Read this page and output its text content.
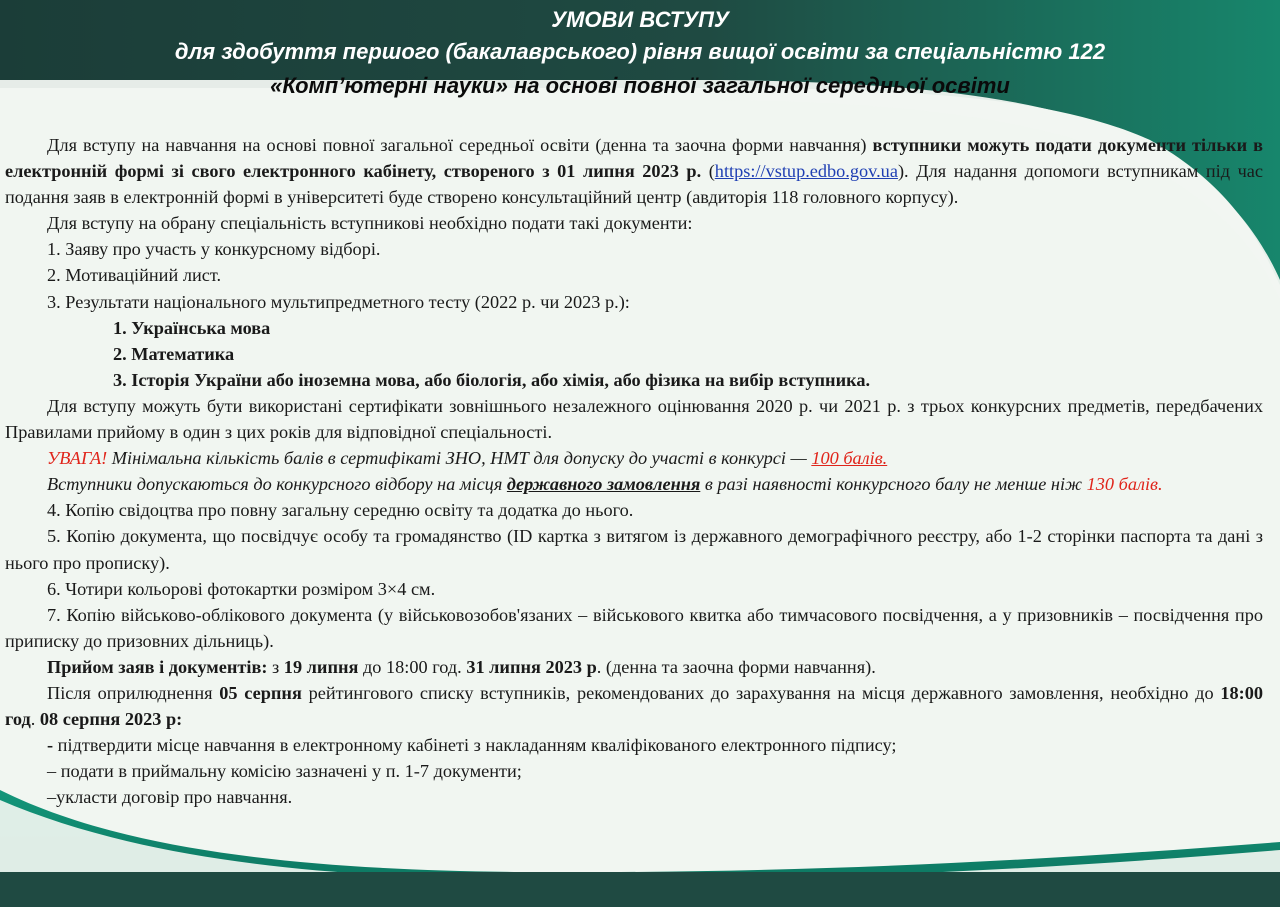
УМОВИ ВСТУПУ
для здобуття першого (бакалаврського) рівня вищої освіти за спеціальністю 122
«Комп’ютерні науки» на основі повної загальної середньої освіти

Для вступу на навчання на основі повної загальної середньої освіти (денна та заочна форми навчання) вступники можуть подати документи тільки в електронній формі зі свого електронного кабінету, створеного з 01 липня 2023 р. (https://vstup.edbo.gov.ua). Для надання допомоги вступникам під час подання заяв в електронній формі в університеті буде створено консультаційний центр (авдиторія 118 головного корпусу).

Для вступу на обрану спеціальність вступникові необхідно подати такі документи:

1. Заяву про участь у конкурсному відборі.

2. Мотиваційний лист.

3. Результати національного мультипредметного тесту (2022 р. чи 2023 р.):

1. Українська мова

2. Математика

3. Історія України або іноземна мова, або біологія, або хімія, або фізика на вибір вступника.

Для вступу можуть бути використані сертифікати зовнішнього незалежного оцінювання 2020 р. чи 2021 р. з трьох конкурсних предметів, передбачених Правилами прийому в один з цих років для відповідної спеціальності.

УВАГА! Мінімальна кількість балів в сертифікаті ЗНО, НМТ для допуску до участі в конкурсі — 100 балів.

Вступники допускаються до конкурсного відбору на місця державного замовлення в разі наявності конкурсного балу не менше ніж 130 балів.

4. Копію свідоцтва про повну загальну середню освіту та додатка до нього.

5. Копію документа, що посвідчує особу та громадянство (ID картка з витягом із державного демографічного реєстру, або 1-2 сторінки паспорта та дані з нього про прописку).

6. Чотири кольорові фотокартки розміром 3×4 см.

7. Копію військово-облікового документа (у військовозобов'язаних – військового квитка або тимчасового посвідчення, а у призовників – посвідчення про приписку до призовних дільниць).

Прийом заяв і документів: з 19 липня до 18:00 год. 31 липня 2023 р. (денна та заочна форми навчання).

Після оприлюднення 05 серпня рейтингового списку вступників, рекомендованих до зарахування на місця державного замовлення, необхідно до 18:00 год. 08 серпня 2023 р:

- підтвердити місце навчання в електронному кабінеті з накладанням кваліфікованого електронного підпису;

– подати в приймальну комісію зазначені у п. 1-7 документи;

–укласти договір про навчання.
